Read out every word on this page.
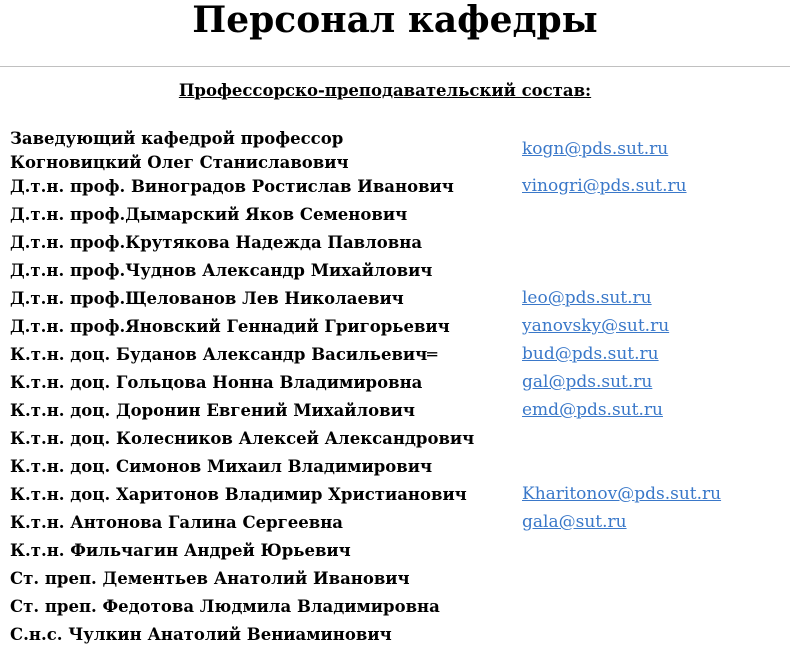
Персонал кафедры
Профессорско-преподавательский состав:
Заведующий кафедрой профессор
Когновицкий Олег Станиславович
kogn@pds.sut.ru
Д.т.н. проф. Виноградов Ростислав Иванович	vinogri@pds.sut.ru
Д.т.н. проф.Дымарский Яков Семенович
Д.т.н. проф.Крутякова Надежда Павловна
Д.т.н. проф.Чуднов Александр Михайлович
Д.т.н. проф.Щелованов Лев Николаевич	leo@pds.sut.ru
Д.т.н. проф.Яновский Геннадий Григорьевич	yanovsky@sut.ru
К.т.н. доц. Буданов Александр Васильевич═	bud@pds.sut.ru
К.т.н. доц. Гольцова Нонна Владимировна	gal@pds.sut.ru
К.т.н. доц. Доронин Евгений Михайлович	emd@pds.sut.ru
К.т.н. доц. Колесников Алексей Александрович
К.т.н. доц. Симонов Михаил Владимирович
К.т.н. доц. Харитонов Владимир Христианович	Kharitonov@pds.sut.ru
К.т.н. Антонова Галина Сергеевна	gala@sut.ru
К.т.н. Фильчагин Андрей Юрьевич
Ст. преп. Дементьев Анатолий Иванович
Ст. преп. Федотова Людмила Владимировна
С.н.с. Чулкин Анатолий Вениаминович
